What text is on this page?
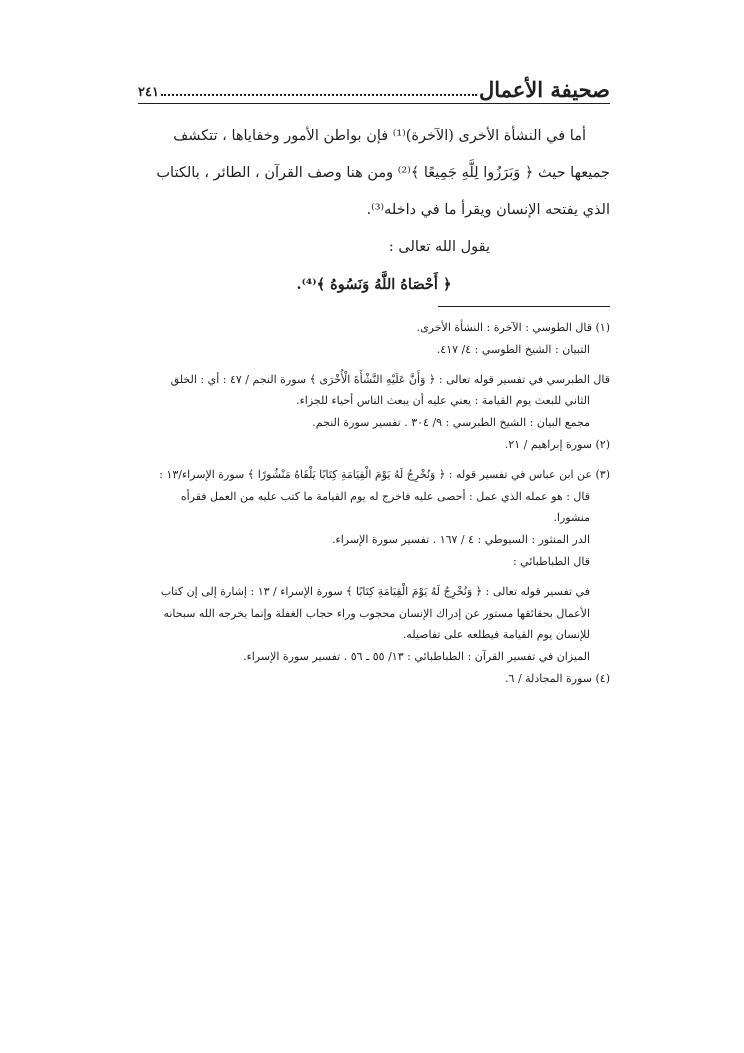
صحيفة الأعمال
٢٤١
أما في النشأة الأخرى (الآخرة)⁽¹⁾ فإن بواطن الأمور وخفاياها ، تتكشف
جميعها حيث ﴿ وَبَرَزُوا لِلَّهِ جَمِيعًا ﴾⁽²⁾ ومن هنا وصف القرآن ، الطائر ، بالكتاب
الذي يفتحه الإنسان ويقرأ ما في داخله⁽³⁾.
يقول الله تعالى :
﴿ أَحْصَاهُ اللَّهُ وَنَسُوهُ ﴾⁽⁴⁾.
(١) قال الطوسي : الآخرة : النشأة الأخرى.
التبيان : الشيخ الطوسي : ٤/ ٤١٧.
قال الطبرسي في تفسير قوله تعالى : ﴿ وَأَنَّ عَلَيْهِ النَّشْأَةَ الْأُخْرَى ﴾ سورة النجم / ٤٧ : أي : الخلق
الثاني للبعث يوم القيامة : يعني عليه أن يبعث الناس أحياء للجزاء.
مجمع البيان : الشيخ الطبرسي : ٩/ ٣٠٤ . تفسير سورة النجم.
(٢) سورة إبراهيم / ٢١.
(٣) عن ابن عباس في تفسير قوله : ﴿ وَنُخْرِجُ لَهُ يَوْمَ الْقِيَامَةِ كِتَابًا يَلْقَاهُ مَنْشُورًا ﴾ سورة الإسراء/١٣ :
قال : هو عمله الذي عمل : أحصى عليه فاخرج له يوم القيامة ما كتب عليه من العمل فقرأه
منشورا.
الدر المنثور : السيوطي : ٤ / ١٦٧ . تفسير سورة الإسراء.
قال الطباطبائي :
في تفسير قوله تعالى : ﴿ وَنُخْرِجُ لَهُ يَوْمَ الْقِيَامَةِ كِتَابًا ﴾ سورة الإسراء / ١٣ : إشارة إلى إن كتاب
الأعمال بحقائقها مستور عن إدراك الإنسان محجوب وراء حجاب الغفلة وإنما يخرجه الله سبحانه
للإنسان يوم القيامة فيطلعه على تفاصيله.
الميزان في تفسير القرآن : الطباطبائي : ١٣/ ٥٥ ـ ٥٦ . تفسير سورة الإسراء.
(٤) سورة المجادلة / ٦.
